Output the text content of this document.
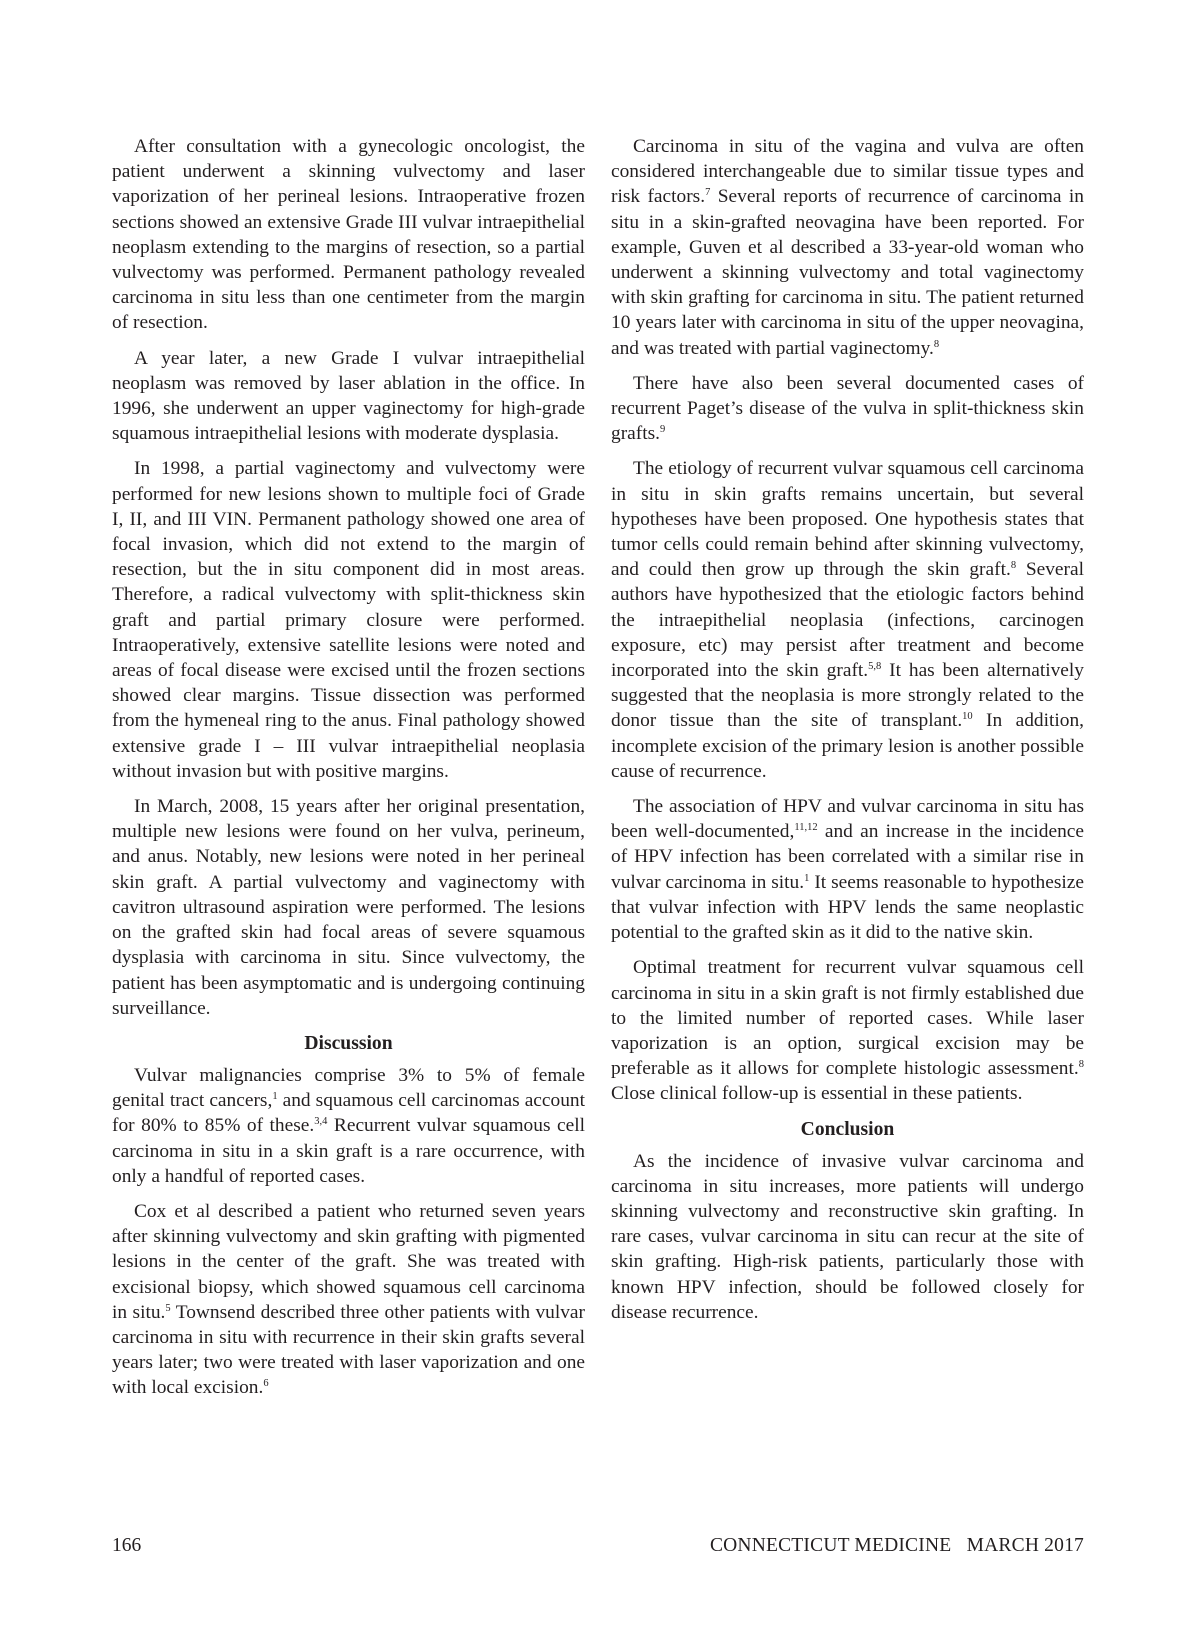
After consultation with a gynecologic oncologist, the patient underwent a skinning vulvectomy and laser vaporization of her perineal lesions. Intraoperative frozen sections showed an extensive Grade III vulvar intraepithelial neoplasm extending to the margins of resection, so a partial vulvectomy was performed. Permanent pathology revealed carcinoma in situ less than one centimeter from the margin of resection.

A year later, a new Grade I vulvar intraepithelial neoplasm was removed by laser ablation in the office. In 1996, she underwent an upper vaginectomy for high-grade squamous intraepithelial lesions with moderate dysplasia.

In 1998, a partial vaginectomy and vulvectomy were performed for new lesions shown to multiple foci of Grade I, II, and III VIN. Permanent pathology showed one area of focal invasion, which did not extend to the margin of resection, but the in situ component did in most areas. Therefore, a radical vulvectomy with split-thickness skin graft and partial primary closure were performed. Intraoperatively, extensive satellite lesions were noted and areas of focal disease were excised until the frozen sections showed clear margins. Tissue dissection was performed from the hymeneal ring to the anus. Final pathology showed extensive grade I – III vulvar intraepithelial neoplasia without invasion but with positive margins.

In March, 2008, 15 years after her original presentation, multiple new lesions were found on her vulva, perineum, and anus. Notably, new lesions were noted in her perineal skin graft. A partial vulvectomy and vaginectomy with cavitron ultrasound aspiration were performed. The lesions on the grafted skin had focal areas of severe squamous dysplasia with carcinoma in situ. Since vulvectomy, the patient has been asymptomatic and is undergoing continuing surveillance.

Discussion

Vulvar malignancies comprise 3% to 5% of female genital tract cancers,$^1$ and squamous cell carcinomas account for 80% to 85% of these.$^{3,4}$ Recurrent vulvar squamous cell carcinoma in situ in a skin graft is a rare occurrence, with only a handful of reported cases.

Cox et al described a patient who returned seven years after skinning vulvectomy and skin grafting with pigmented lesions in the center of the graft. She was treated with excisional biopsy, which showed squamous cell carcinoma in situ.$^5$ Townsend described three other patients with vulvar carcinoma in situ with recurrence in their skin grafts several years later; two were treated with laser vaporization and one with local excision.$^6$

Carcinoma in situ of the vagina and vulva are often considered interchangeable due to similar tissue types and risk factors.$^7$ Several reports of recurrence of carcinoma in situ in a skin-grafted neovagina have been reported. For example, Guven et al described a 33-year-old woman who underwent a skinning vulvectomy and total vaginectomy with skin grafting for carcinoma in situ. The patient returned 10 years later with carcinoma in situ of the upper neovagina, and was treated with partial vaginectomy.$^8$

There have also been several documented cases of recurrent Paget’s disease of the vulva in split-thickness skin grafts.$^9$

The etiology of recurrent vulvar squamous cell carcinoma in situ in skin grafts remains uncertain, but several hypotheses have been proposed. One hypothesis states that tumor cells could remain behind after skinning vulvectomy, and could then grow up through the skin graft.$^8$ Several authors have hypothesized that the etiologic factors behind the intraepithelial neoplasia (infections, carcinogen exposure, etc) may persist after treatment and become incorporated into the skin graft.$^{5,8}$ It has been alternatively suggested that the neoplasia is more strongly related to the donor tissue than the site of transplant.$^{10}$ In addition, incomplete excision of the primary lesion is another possible cause of recurrence.

The association of HPV and vulvar carcinoma in situ has been well-documented,$^{11,12}$ and an increase in the incidence of HPV infection has been correlated with a similar rise in vulvar carcinoma in situ.$^1$ It seems reasonable to hypothesize that vulvar infection with HPV lends the same neoplastic potential to the grafted skin as it did to the native skin.

Optimal treatment for recurrent vulvar squamous cell carcinoma in situ in a skin graft is not firmly established due to the limited number of reported cases. While laser vaporization is an option, surgical excision may be preferable as it allows for complete histologic assessment.$^8$ Close clinical follow-up is essential in these patients.

Conclusion

As the incidence of invasive vulvar carcinoma and carcinoma in situ increases, more patients will undergo skinning vulvectomy and reconstructive skin grafting. In rare cases, vulvar carcinoma in situ can recur at the site of skin grafting. High-risk patients, particularly those with known HPV infection, should be followed closely for disease recurrence.

166	CONNECTICUT MEDICINE MARCH 2017
